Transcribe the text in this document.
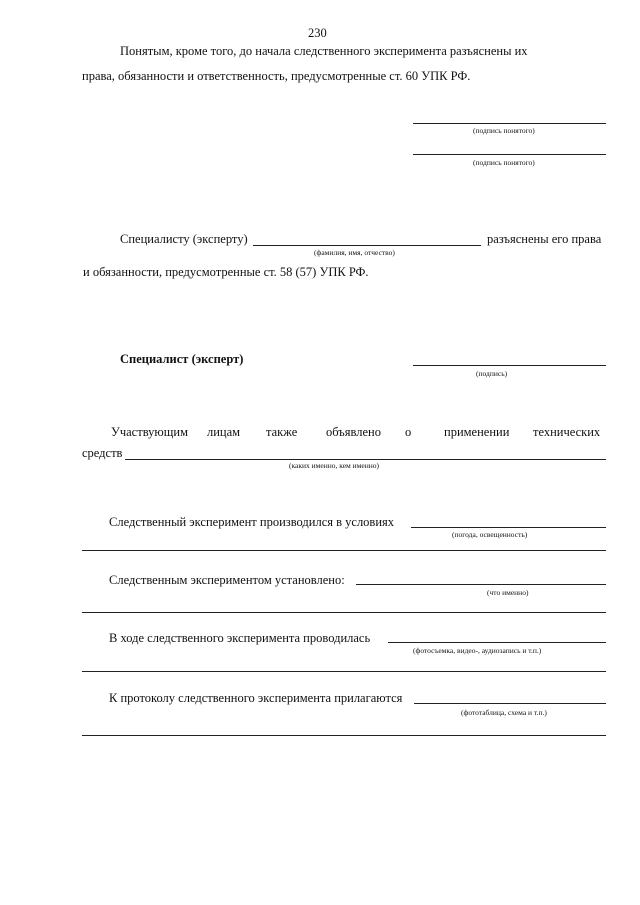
230
Понятым, кроме того, до начала следственного эксперимента разъяснены их
права, обязанности и ответственность, предусмотренные ст. 60 УПК РФ.
(подпись понятого)
(подпись понятого)
Специалисту (эксперту)	разъяснены его права
(фамилия, имя, отчество)
и обязанности, предусмотренные ст. 58 (57) УПК РФ.
Специалист (эксперт)
(подпись)
Участвующим лицам также объявлено о	применении технических
средств
(каких именно, кем именно)
Следственный эксперимент производился в условиях
(погода, освещенность)
Следственным экспериментом установлено:
(что именно)
В ходе следственного эксперимента проводилась
(фотосъемка, видео-, аудиозапись и т.п.)
К протоколу следственного эксперимента прилагаются
(фототаблица, схема и т.п.)
